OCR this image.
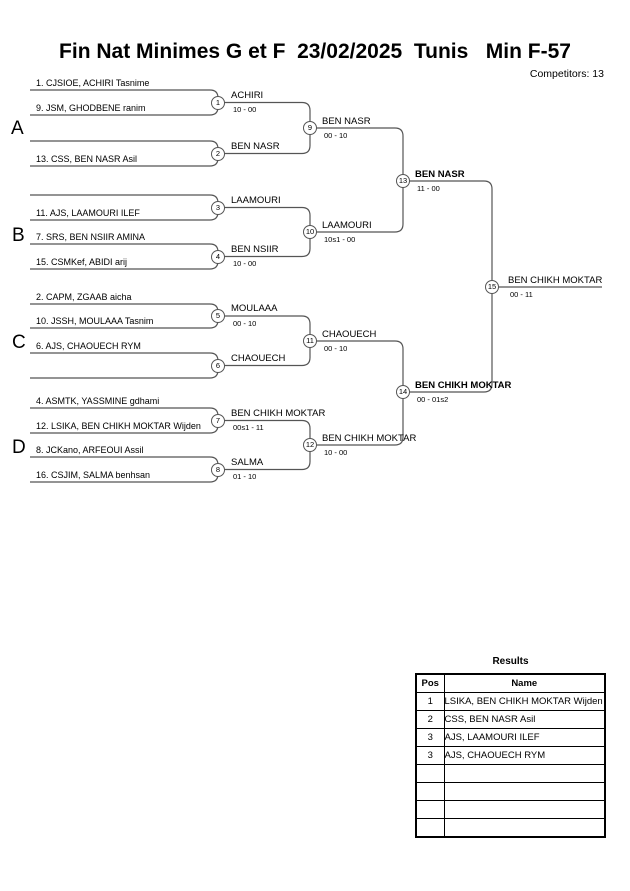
Fin Nat Minimes G et F  23/02/2025  Tunis   Min F-57
Competitors: 13
A
B
C
D
1. CJSIOE, ACHIRI Tasnime
9. JSM, GHODBENE ranim
13. CSS, BEN NASR Asil
11. AJS, LAAMOURI ILEF
7. SRS, BEN NSIIR AMINA
15. CSMKef, ABIDI arij
2. CAPM, ZGAAB aicha
10. JSSH, MOULAAA Tasnim
6. AJS, CHAOUECH RYM
4. ASMTK, YASSMINE gdhami
12. LSIKA, BEN CHIKH MOKTAR Wijden
8. JCKano, ARFEOUI Assil
16. CSJIM, SALMA benhsan
1
2
3
4
5
6
7
8
9
10
11
12
13
14
15
ACHIRI
BEN NASR
LAAMOURI
BEN NSIIR
MOULAAA
CHAOUECH
BEN CHIKH MOKTAR
SALMA
BEN NASR
LAAMOURI
CHAOUECH
BEN CHIKH MOKTAR
BEN NASR
BEN CHIKH MOKTAR
BEN CHIKH MOKTAR
10 - 00
10 - 00
00 - 10
00s1 - 11
01 - 10
00 - 10
10s1 - 00
00 - 10
10 - 00
11 - 00
00 - 01s2
00 - 11
Results
Pos	Name
1	LSIKA, BEN CHIKH MOKTAR Wijden
2	CSS, BEN NASR Asil
3	AJS, LAAMOURI ILEF
3	AJS, CHAOUECH RYM
